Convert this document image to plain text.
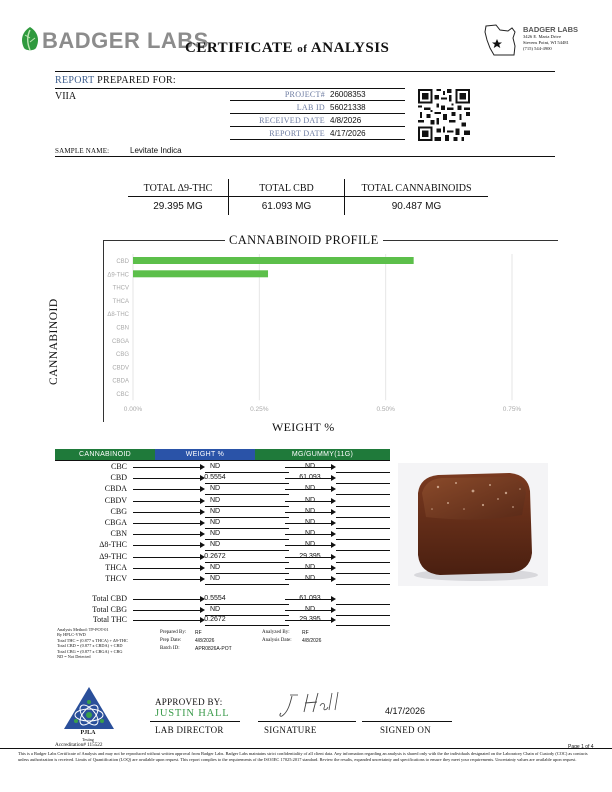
BADGER LABS
CERTIFICATE of ANALYSIS
BADGER LABS
3426 E. Maria Drive
Stevens Point, WI 54481
(715) 544-4900
REPORT PREPARED FOR:
VIIA	PROJECT# 26008353
LAB ID 56021338
RECEIVED DATE 4/8/2026
REPORT DATE 4/17/2026
SAMPLE NAME:	Levitate Indica
TOTAL Δ9-THC
29.395 MG
TOTAL CBD
61.093 MG
TOTAL CANNABINOIDS
90.487 MG
CANNABINOID PROFILE
CANNABINOID
0.00%	0.25%	0.50%	0.75%
CBD
Δ9-THC
THCV
THCA
Δ8-THC
CBN
CBGA
CBG
CBDV
CBDA
CBC
WEIGHT %
CANNABINOID	WEIGHT %	MG/GUMMY(11G)
CBC	ND	ND
CBD	0.5554	61.093
CBDA	ND	ND
CBDV	ND	ND
CBG	ND	ND
CBGA	ND	ND
CBN	ND	ND
Δ8-THC	ND	ND
Δ9-THC	0.2672	29.395
THCA	ND	ND
THCV	ND	ND
Total CBD	0.5554	61.093
Total CBG	ND	ND
Total THC	0.2672	29.395
Analysis Method: TP-POT-01
By HPLC-VWD
Total THC = (0.877 x THCA) + Δ9-THC
Total CBD = (0.877 x CBDA) + CBD
Total CBG = (0.877 x CBGA) + CBG
ND = Not Detected
Prepared By: RF
Prep Date:	4/8/2026
Batch ID:	APR0826A-POT
Analyzed By: RF
Analysis Date: 4/8/2026
PJLA
Testing
Accreditation# 115522
APPROVED BY:
JUSTIN HALL
LAB DIRECTOR	SIGNATURE
4/17/2026
SIGNED ON
Page 1 of 4
This is a Badger Labs Certificate of Analysis and may not be reproduced without written approval from Badger Labs. Badger Labs maintains strict confidentiality of all client data. Any information regarding an analysis is shared only with the the individuals designated on the Laboratory Chain of Custody (COC) as contacts unless authorization is received. Limits of Quantification (LOQ) are available upon request. This report complies to the requirements of the ISO/IEC 17025:2017 standard. Review the results, expanded uncertainty and specifications to ensure they meet your requirements. Uncertainty values are available upon request.
